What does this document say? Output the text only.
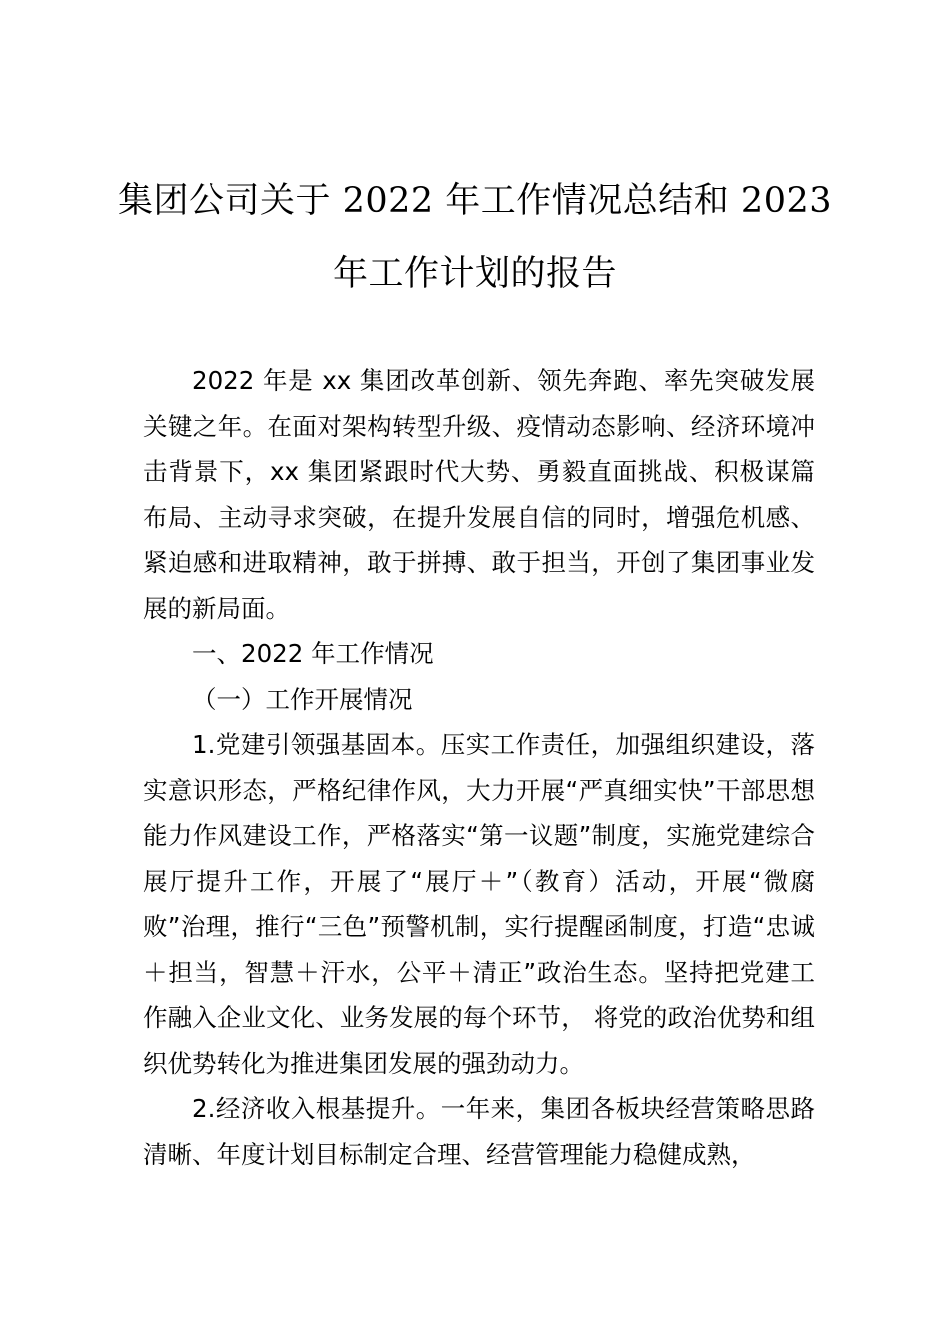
集团公司关于 2022 年工作情况总结和 2023
年工作计划的报告

2022 年是 xx 集团改革创新、领先奔跑、率先突破发展关键之年。在面对架构转型升级、疫情动态影响、经济环境冲击背景下，xx 集团紧跟时代大势、勇毅直面挑战、积极谋篇布局、主动寻求突破，在提升发展自信的同时，增强危机感、紧迫感和进取精神，敢于拼搏、敢于担当，开创了集团事业发展的新局面。

一、2022 年工作情况

（一）工作开展情况

1.党建引领强基固本。压实工作责任，加强组织建设，落实意识形态，严格纪律作风，大力开展“严真细实快”干部思想能力作风建设工作，严格落实“第一议题”制度，实施党建综合展厅提升工作，开展了“展厅＋”（教育）活动，开展“微腐败”治理，推行“三色”预警机制，实行提醒函制度，打造“忠诚＋担当，智慧＋汗水，公平＋清正”政治生态。坚持把党建工作融入企业文化、业务发展的每个环节， 将党的政治优势和组织优势转化为推进集团发展的强劲动力。

2.经济收入根基提升。一年来，集团各板块经营策略思路清晰、年度计划目标制定合理、经营管理能力稳健成熟，
